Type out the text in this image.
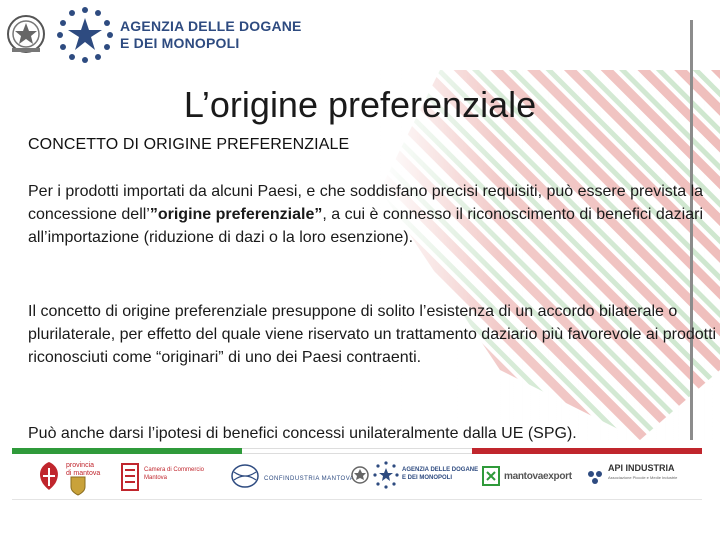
AGENZIA DELLE DOGANE
E DEI MONOPOLI
L’origine preferenziale
CONCETTO DI ORIGINE PREFERENZIALE

Per i prodotti importati da alcuni Paesi, e che soddisfano precisi requisiti, può essere prevista la concessione dell’”origine preferenziale”, a cui è connesso il riconoscimento di benefici daziari all’importazione (riduzione di dazi o la loro esenzione).

Il concetto di origine preferenziale presuppone di solito l’esistenza di un accordo bilaterale o plurilaterale, per effetto del quale viene riservato un trattamento daziario più favorevole ai prodotti riconosciuti come “originari” di uno dei Paesi contraenti.

Può anche darsi l’ipotesi di benefici concessi unilateralmente dalla UE (SPG).

provincia
di mantova	Camera di Commercio
Mantova	CONFINDUSTRIA MANTOVA
AGENZIA DELLE DOGANE
E DEI MONOPOLI	mantovaexport
API INDUSTRIA
Associazione Piccole e Medie Industrie
